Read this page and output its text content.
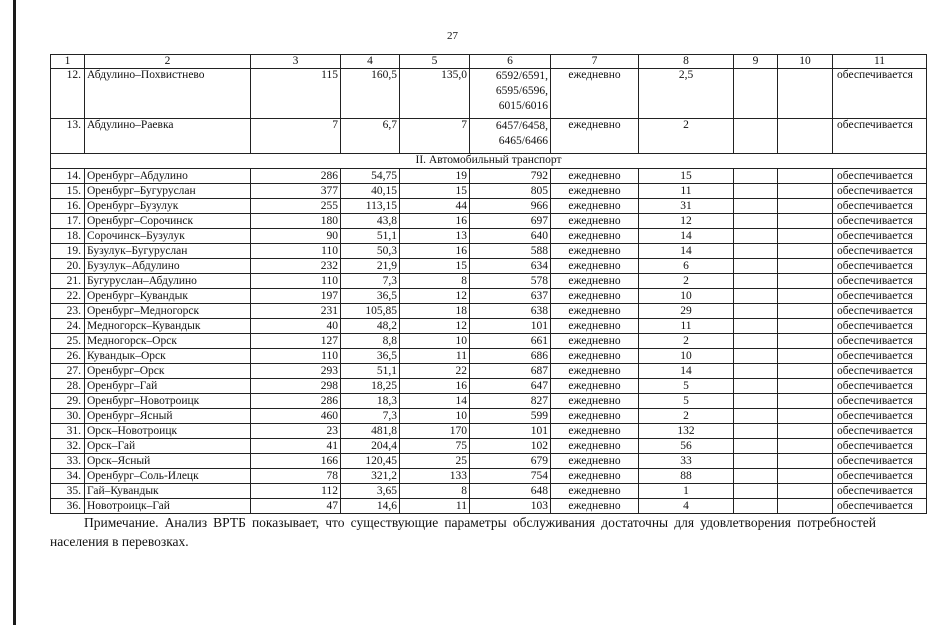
27
1	2	3	4	5	6	7	8	9	10	11
12.	Абдулино–Похвистнево	115	160,5	135,0	6592/6591,
6595/6596,
6015/6016	ежедневно	2,5			обеспечивается
13.	Абдулино–Раевка	7	6,7	7	6457/6458,
6465/6466	ежедневно	2			обеспечивается
II. Автомобильный транспорт										
14.	Оренбург–Абдулино	286	54,75	19	792	ежедневно	15			обеспечивается
15.	Оренбург–Бугуруслан	377	40,15	15	805	ежедневно	11			обеспечивается
16.	Оренбург–Бузулук	255	113,15	44	966	ежедневно	31			обеспечивается
17.	Оренбург–Сорочинск	180	43,8	16	697	ежедневно	12			обеспечивается
18.	Сорочинск–Бузулук	90	51,1	13	640	ежедневно	14			обеспечивается
19.	Бузулук–Бугуруслан	110	50,3	16	588	ежедневно	14			обеспечивается
20.	Бузулук–Абдулино	232	21,9	15	634	ежедневно	6			обеспечивается
21.	Бугуруслан–Абдулино	110	7,3	8	578	ежедневно	2			обеспечивается
22.	Оренбург–Кувандык	197	36,5	12	637	ежедневно	10			обеспечивается
23.	Оренбург–Медногорск	231	105,85	18	638	ежедневно	29			обеспечивается
24.	Медногорск–Кувандык	40	48,2	12	101	ежедневно	11			обеспечивается
25.	Медногорск–Орск	127	8,8	10	661	ежедневно	2			обеспечивается
26.	Кувандык–Орск	110	36,5	11	686	ежедневно	10			обеспечивается
27.	Оренбург–Орск	293	51,1	22	687	ежедневно	14			обеспечивается
28.	Оренбург–Гай	298	18,25	16	647	ежедневно	5			обеспечивается
29.	Оренбург–Новотроицк	286	18,3	14	827	ежедневно	5			обеспечивается
30.	Оренбург–Ясный	460	7,3	10	599	ежедневно	2			обеспечивается
31.	Орск–Новотроицк	23	481,8	170	101	ежедневно	132			обеспечивается
32.	Орск–Гай	41	204,4	75	102	ежедневно	56			обеспечивается
33.	Орск–Ясный	166	120,45	25	679	ежедневно	33			обеспечивается
34.	Оренбург–Соль-Илецк	78	321,2	133	754	ежедневно	88			обеспечивается
35.	Гай–Кувандык	112	3,65	8	648	ежедневно	1			обеспечивается
36.	Новотроицк–Гай	47	14,6	11	103	ежедневно	4			обеспечивается

Примечание. Анализ ВРТБ показывает, что существующие параметры обслуживания достаточны для удовлетворения потребностей населения в перевозках.
